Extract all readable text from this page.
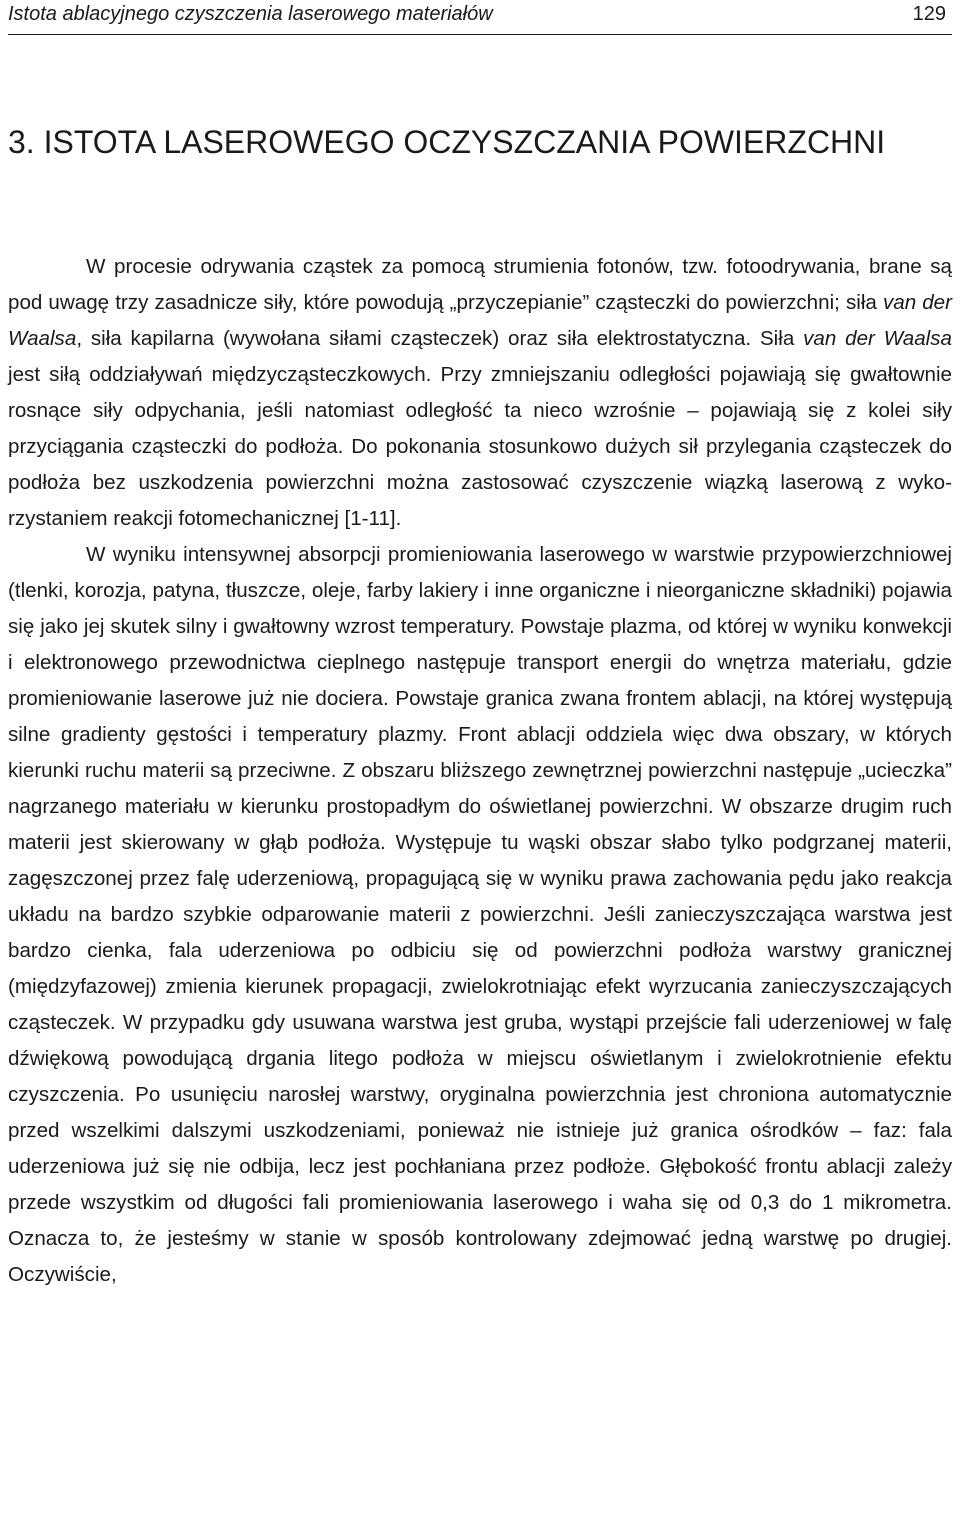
Istota ablacyjnego czyszczenia laserowego materiałów	129
3. ISTOTA LASEROWEGO OCZYSZCZANIA POWIERZCHNI

W procesie odrywania cząstek za pomocą strumienia fotonów, tzw. fotoodrywania, brane są pod uwagę trzy zasadnicze siły, które powodują „przyczepianie” cząsteczki do powierzchni; siła van der Waalsa, siła kapilarna (wywołana siłami cząsteczek) oraz siła elektrostatyczna. Siła van der Waalsa jest siłą oddziaływań międzycząsteczkowych. Przy zmniejszaniu odległości pojawiają się gwałtownie rosnące siły odpychania, jeśli natomiast odległość ta nieco wzrośnie – pojawiają się z kolei siły przyciągania cząsteczki do podłoża. Do pokonania stosunkowo dużych sił przylegania cząsteczek do podłoża bez uszkodzenia powierzchni można zastosować czyszczenie wiązką laserową z wykorzystaniem reakcji fotomechanicznej [1-11].

W wyniku intensywnej absorpcji promieniowania laserowego w warstwie przypowierzchniowej (tlenki, korozja, patyna, tłuszcze, oleje, farby lakiery i inne organiczne i nieorganiczne składniki) pojawia się jako jej skutek silny i gwałtowny wzrost temperatury. Powstaje plazma, od której w wyniku konwekcji i elektronowego przewodnictwa cieplnego następuje transport energii do wnętrza materiału, gdzie promieniowanie laserowe już nie dociera. Powstaje granica zwana frontem ablacji, na której występują silne gradienty gęstości i temperatury plazmy. Front ablacji oddziela więc dwa obszary, w których kierunki ruchu materii są przeciwne. Z obszaru bliższego zewnętrznej powierzchni następuje „ucieczka” nagrzanego materiału w kierunku prostopadłym do oświetlanej powierzchni. W obszarze drugim ruch materii jest skierowany w głąb podłoża. Występuje tu wąski obszar słabo tylko podgrzanej materii, zagęszczonej przez falę uderzeniową, propagującą się w wyniku prawa zachowania pędu jako reakcja układu na bardzo szybkie odparowanie materii z powierzchni. Jeśli zanieczyszczająca warstwa jest bardzo cienka, fala uderzeniowa po odbiciu się od powierzchni podłoża warstwy granicznej (międzyfazowej) zmienia kierunek propagacji, zwielokrotniając efekt wyrzucania zanieczyszczających cząsteczek. W przypadku gdy usuwana warstwa jest gruba, wystąpi przejście fali uderzeniowej w falę dźwiękową powodującą drgania litego podłoża w miejscu oświetlanym i zwielokrotnienie efektu czyszczenia. Po usunięciu narosłej warstwy, oryginalna powierzchnia jest chroniona automatycznie przed wszelkimi dalszymi uszkodzeniami, ponieważ nie istnieje już granica ośrodków – faz: fala uderzeniowa już się nie odbija, lecz jest pochłaniana przez podłoże. Głębokość frontu ablacji zależy przede wszystkim od długości fali promieniowania laserowego i waha się od 0,3 do 1 mikrometra. Oznacza to, że jesteśmy w stanie w sposób kontrolowany zdejmować jedną warstwę po drugiej. Oczywiście,
